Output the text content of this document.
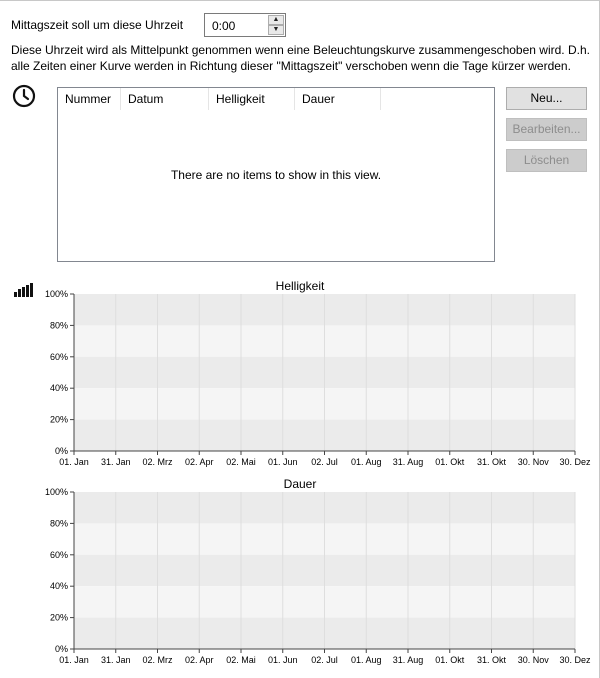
Mittagszeit soll um diese Uhrzeit 0:00	▲
▼
Diese Uhrzeit wird als Mittelpunkt genommen wenn eine Beleuchtungskurve zusammengeschoben wird. D.h. alle Zeiten einer Kurve werden in Richtung dieser "Mittagszeit" verschoben wenn die Tage kürzer werden.
Nummer	Datum	Helligkeit	Dauer
There are no items to show in this view.
Neu...
Bearbeiten...
Löschen
Helligkeit
100%
80%
60%
40%
20%
0%
01. Jan 31. Jan 02. Mrz 02. Apr 02. Mai 01. Jun 02. Jul 01. Aug 31. Aug 01. Okt 31. Okt 30. Nov 30. Dez
Dauer
100%
80%
60%
40%
20%
0%
01. Jan 31. Jan 02. Mrz 02. Apr 02. Mai 01. Jun 02. Jul 01. Aug 31. Aug 01. Okt 31. Okt 30. Nov 30. Dez
